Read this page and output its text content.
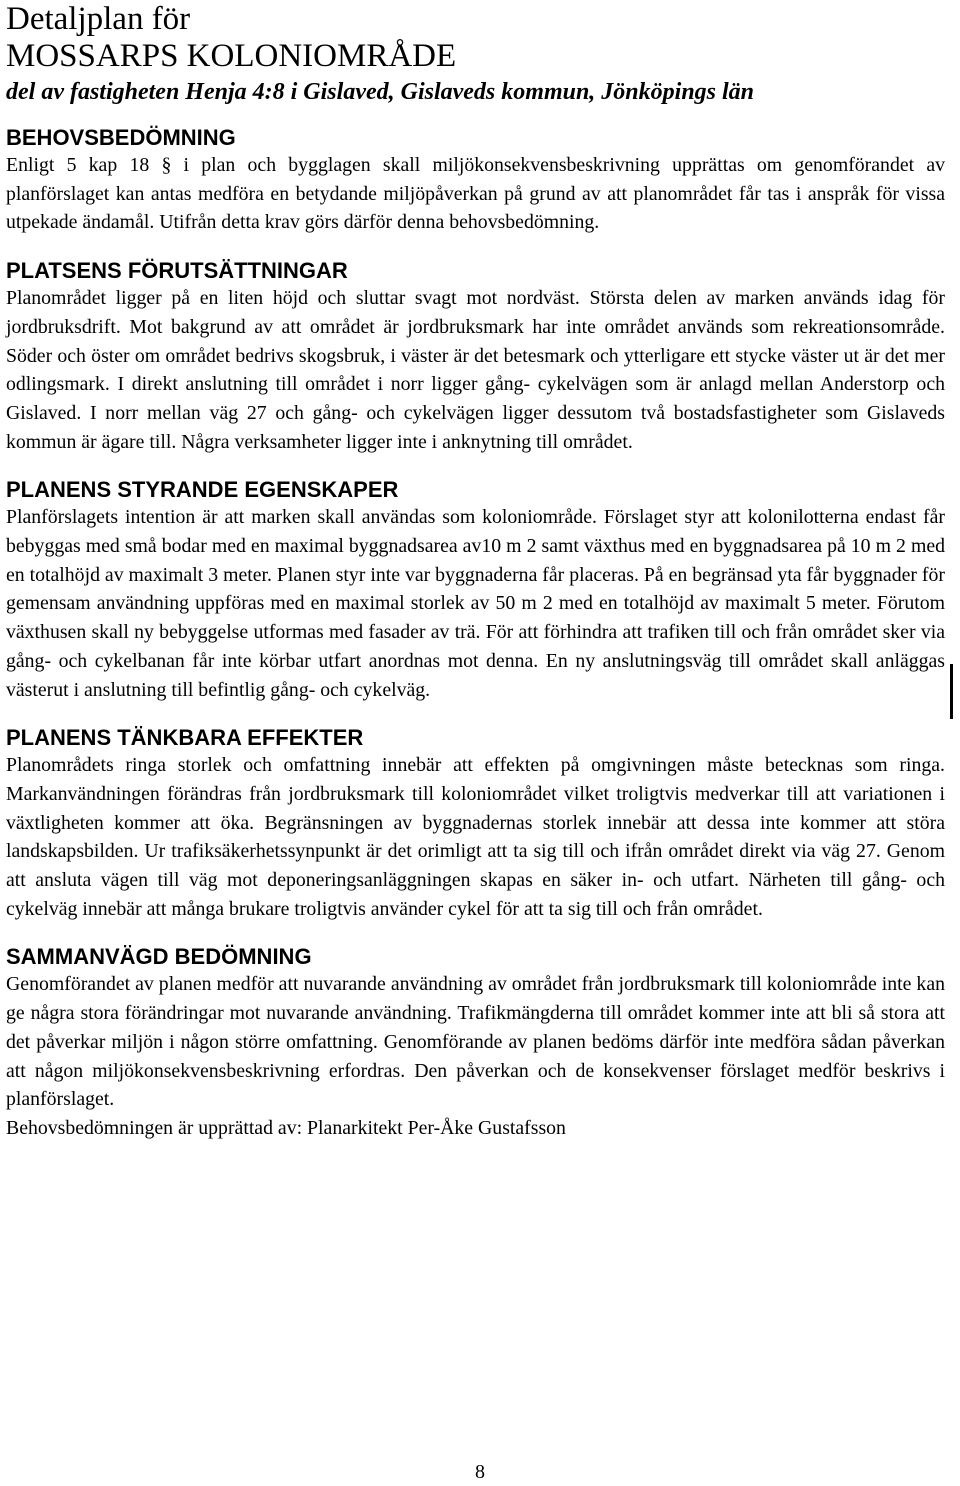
Detaljplan för
MOSSARPS KOLONIOMRÅDE
del av fastigheten Henja 4:8 i Gislaved, Gislaveds kommun, Jönköpings län
BEHOVSBEDÖMNING

Enligt 5 kap 18 § i plan och bygglagen skall miljökonsekvensbeskrivning upprättas om genomförandet av planförslaget kan antas medföra en betydande miljöpåverkan på grund av att planområdet får tas i anspråk för vissa utpekade ändamål. Utifrån detta krav görs därför denna behovsbedömning.

PLATSENS FÖRUTSÄTTNINGAR

Planområdet ligger på en liten höjd och sluttar svagt mot nordväst. Största delen av marken används idag för jordbruksdrift. Mot bakgrund av att området är jordbruksmark har inte området används som rekreationsområde. Söder och öster om området bedrivs skogsbruk, i väster är det betesmark och ytterligare ett stycke väster ut är det mer odlingsmark. I direkt anslutning till området i norr ligger gång- cykelvägen som är anlagd mellan Anderstorp och Gislaved. I norr mellan väg 27 och gång- och cykelvägen ligger dessutom två bostadsfastigheter som Gislaveds kommun är ägare till. Några verksamheter ligger inte i anknytning till området.

PLANENS STYRANDE EGENSKAPER

Planförslagets intention är att marken skall användas som koloniområde. Förslaget styr att kolonilotterna endast får bebyggas med små bodar med en maximal byggnadsarea av10 m 2 samt växthus med en byggnadsarea på 10 m 2 med en totalhöjd av maximalt 3 meter. Planen styr inte var byggnaderna får placeras. På en begränsad yta får byggnader för gemensam användning uppföras med en maximal storlek av 50 m 2 med en totalhöjd av maximalt 5 meter. Förutom växthusen skall ny bebyggelse utformas med fasader av trä. För att förhindra att trafiken till och från området sker via gång- och cykelbanan får inte körbar utfart anordnas mot denna. En ny anslutningsväg till området skall anläggas västerut i anslutning till befintlig gång- och cykelväg.

PLANENS TÄNKBARA EFFEKTER

Planområdets ringa storlek och omfattning innebär att effekten på omgivningen måste betecknas som ringa. Markanvändningen förändras från jordbruksmark till koloniområdet vilket troligtvis medverkar till att variationen i växtligheten kommer att öka. Begränsningen av byggnadernas storlek innebär att dessa inte kommer att störa landskapsbilden. Ur trafiksäkerhetssynpunkt är det orimligt att ta sig till och ifrån området direkt via väg 27. Genom att ansluta vägen till väg mot deponeringsanläggningen skapas en säker in- och utfart. Närheten till gång- och cykelväg innebär att många brukare troligtvis använder cykel för att ta sig till och från området.

SAMMANVÄGD BEDÖMNING

Genomförandet av planen medför att nuvarande användning av området från jordbruksmark till koloniområde inte kan ge några stora förändringar mot nuvarande användning. Trafikmängderna till området kommer inte att bli så stora att det påverkar miljön i någon större omfattning. Genomförande av planen bedöms därför inte medföra sådan påverkan att någon miljökonsekvensbeskrivning erfordras. Den påverkan och de konsekvenser förslaget medför beskrivs i planförslaget.

Behovsbedömningen är upprättad av: Planarkitekt Per-Åke Gustafsson
8
